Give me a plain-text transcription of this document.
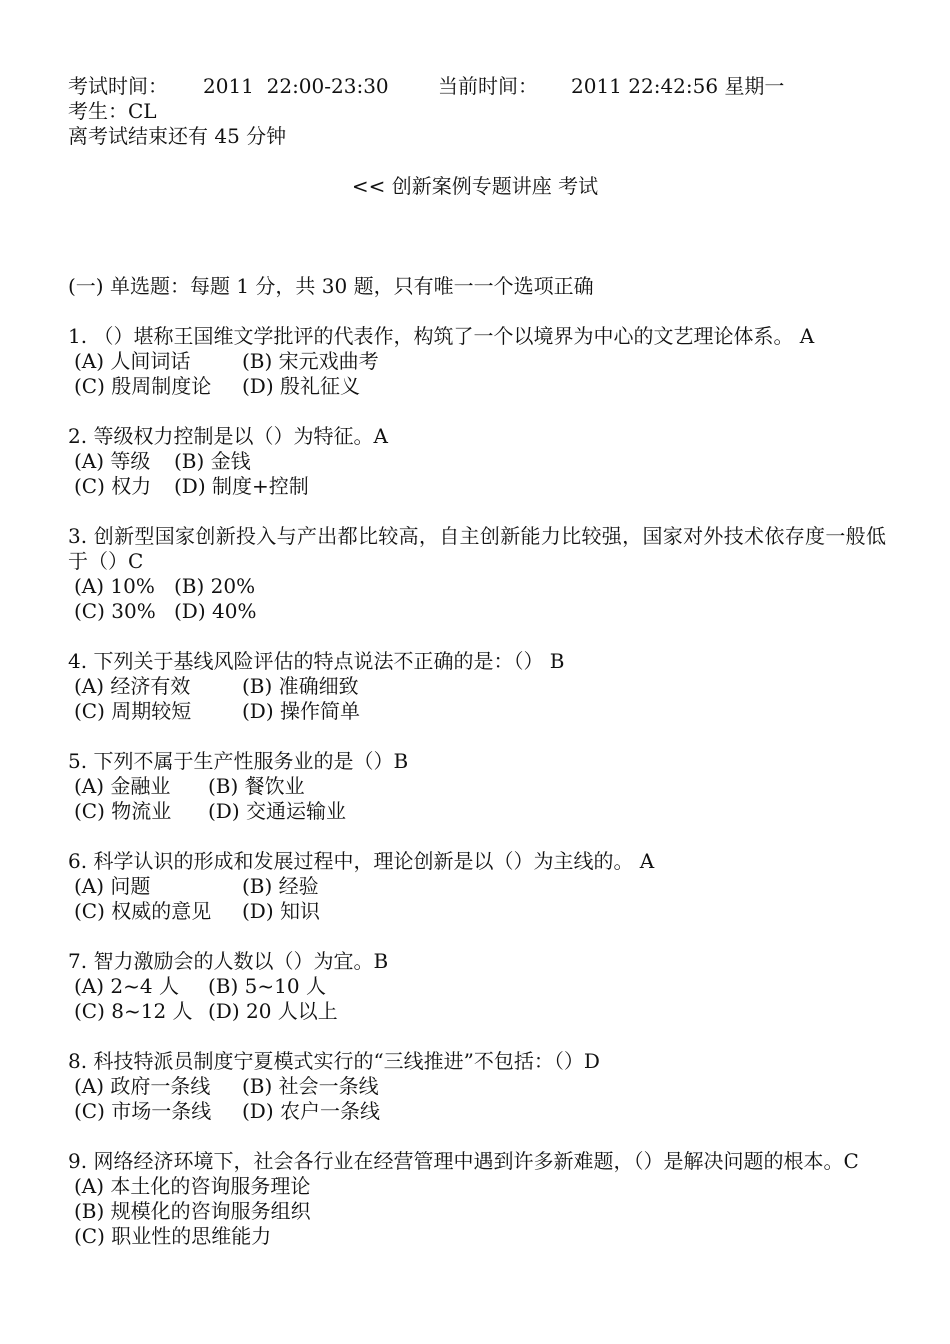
考试时间： 2011  22:00-23:30 当前时间： 2011 22:42:56 星期一
考生：CL
离考试结束还有 45 分钟
<< 创新案例专题讲座 考试
(一) 单选题：每题 1 分，共 30 题，只有唯一一个选项正确
1. （）堪称王国维文学批评的代表作，构筑了一个以境界为中心的文艺理论体系。 A
(A) 人间词话	(B) 宋元戏曲考
(C) 殷周制度论 (D) 殷礼征义
2. 等级权力控制是以（）为特征。A
(A) 等级 (B) 金钱
(C) 权力 (D) 制度+控制
3. 创新型国家创新投入与产出都比较高，自主创新能力比较强，国家对外技术依存度一般低于（）C
(A) 10% (B) 20%
(C) 30% (D) 40%
4. 下列关于基线风险评估的特点说法不正确的是：（） B
(A) 经济有效	(B) 准确细致
(C) 周期较短	(D) 操作简单
5. 下列不属于生产性服务业的是（）B
(A) 金融业 (B) 餐饮业
(C) 物流业 (D) 交通运输业
6. 科学认识的形成和发展过程中，理论创新是以（）为主线的。 A
(A) 问题	(B) 经验
(C) 权威的意见 (D) 知识
7. 智力激励会的人数以（）为宜。B
(A) 2~4 人 (B) 5~10 人
(C) 8~12 人 (D) 20 人以上
8. 科技特派员制度宁夏模式实行的“三线推进”不包括：（）D
(A) 政府一条线 (B) 社会一条线
(C) 市场一条线 (D) 农户一条线
9. 网络经济环境下，社会各行业在经营管理中遇到许多新难题，（）是解决问题的根本。C
(A) 本土化的咨询服务理论
(B) 规模化的咨询服务组织
(C) 职业性的思维能力
